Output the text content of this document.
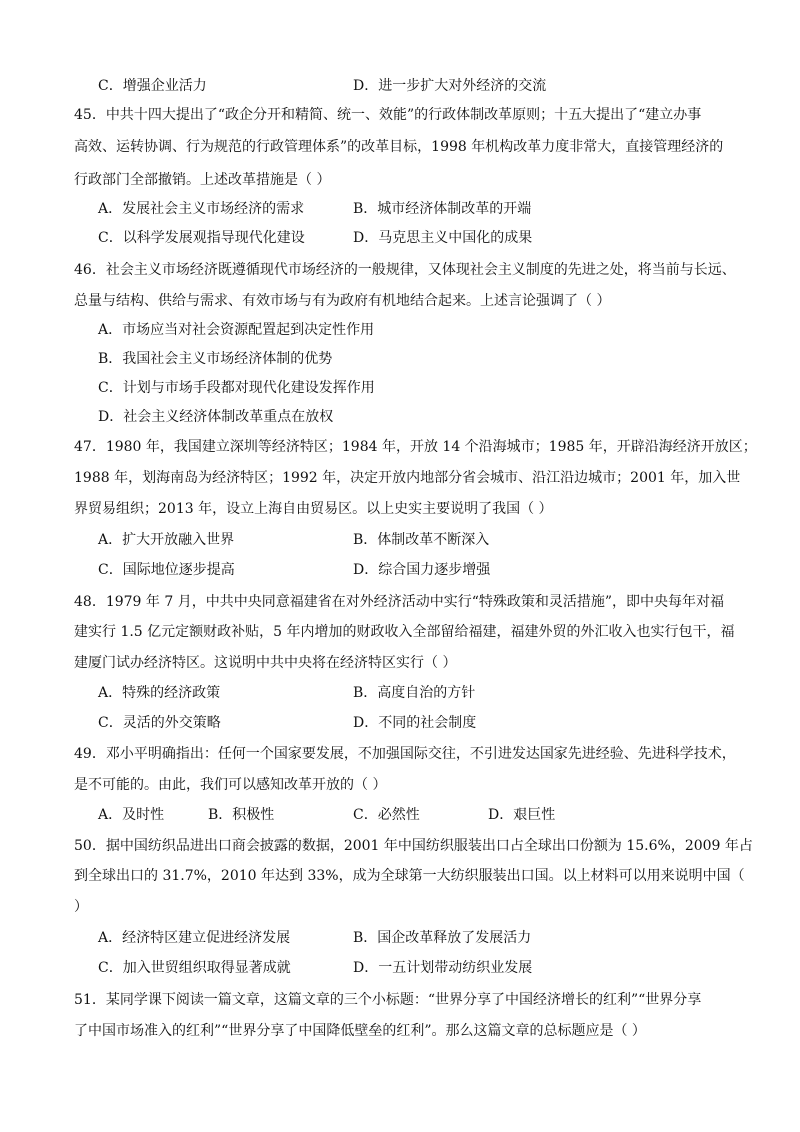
C．增强企业活力	D．进一步扩大对外经济的交流
45．中共十四大提出了“政企分开和精简、统一、效能”的行政体制改革原则；十五大提出了“建立办事
高效、运转协调、行为规范的行政管理体系”的改革目标，1998 年机构改革力度非常大，直接管理经济的
行政部门全部撤销。上述改革措施是（ ）
A．发展社会主义市场经济的需求	B．城市经济体制改革的开端
C．以科学发展观指导现代化建设	D．马克思主义中国化的成果
46．社会主义市场经济既遵循现代市场经济的一般规律，又体现社会主义制度的先进之处，将当前与长远、
总量与结构、供给与需求、有效市场与有为政府有机地结合起来。上述言论强调了（ ）
A．市场应当对社会资源配置起到决定性作用
B．我国社会主义市场经济体制的优势
C．计划与市场手段都对现代化建设发挥作用
D．社会主义经济体制改革重点在放权
47．1980 年，我国建立深圳等经济特区；1984 年，开放 14 个沿海城市；1985 年，开辟沿海经济开放区；
1988 年，划海南岛为经济特区；1992 年，决定开放内地部分省会城市、沿江沿边城市；2001 年，加入世
界贸易组织；2013 年，设立上海自由贸易区。以上史实主要说明了我国（ ）
A．扩大开放融入世界	B．体制改革不断深入
C．国际地位逐步提高	D．综合国力逐步增强
48．1979 年 7 月，中共中央同意福建省在对外经济活动中实行“特殊政策和灵活措施”，即中央每年对福
建实行 1.5 亿元定额财政补贴，5 年内增加的财政收入全部留给福建，福建外贸的外汇收入也实行包干，福
建厦门试办经济特区。这说明中共中央将在经济特区实行（ ）
A．特殊的经济政策	B．高度自治的方针
C．灵活的外交策略	D．不同的社会制度
49．邓小平明确指出：任何一个国家要发展，不加强国际交往，不引进发达国家先进经验、先进科学技术，
是不可能的。由此，我们可以感知改革开放的（ ）
A．及时性	B．积极性	C．必然性	D．艰巨性
50．据中国纺织品进出口商会披露的数据，2001 年中国纺织服装出口占全球出口份额为 15.6%，2009 年占
到全球出口的 31.7%，2010 年达到 33%，成为全球第一大纺织服装出口国。以上材料可以用来说明中国（
）
A．经济特区建立促进经济发展	B．国企改革释放了发展活力
C．加入世贸组织取得显著成就	D．一五计划带动纺织业发展
51．某同学课下阅读一篇文章，这篇文章的三个小标题：“世界分享了中国经济增长的红利”“世界分享
了中国市场准入的红利”“世界分享了中国降低壁垒的红利”。那么这篇文章的总标题应是（ ）
